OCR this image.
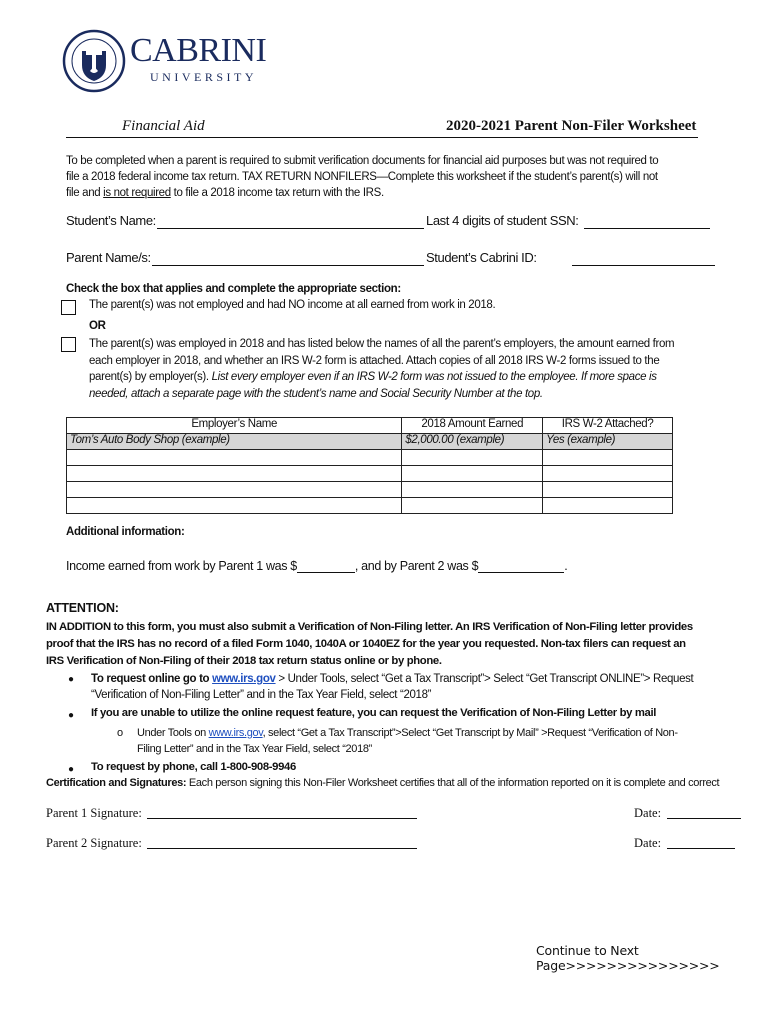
CABRINI
UNIVERSITY
Financial Aid	2020-2021 Parent Non-Filer Worksheet
To be completed when a parent is required to submit verification documents for financial aid purposes but was not required to
file a 2018 federal income tax return. TAX RETURN NONFILERS—Complete this worksheet if the student’s parent(s) will not
file and is not required to file a 2018 income tax return with the IRS.
Student’s Name:	Last 4 digits of student SSN:
Parent Name/s:	Student’s Cabrini ID:
Check the box that applies and complete the appropriate section:
The parent(s) was not employed and had NO income at all earned from work in 2018.
OR
The parent(s) was employed in 2018 and has listed below the names of all the parent’s employers, the amount earned from
each employer in 2018, and whether an IRS W-2 form is attached. Attach copies of all 2018 IRS W-2 forms issued to the
parent(s) by employer(s). List every employer even if an IRS W-2 form was not issued to the employee. If more space is
needed, attach a separate page with the student’s name and Social Security Number at the top.
Employer’s Name	2018 Amount Earned	IRS W-2 Attached?
Tom’s Auto Body Shop (example)	$2,000.00 (example)	Yes (example)

Additional information:
Income earned from work by Parent 1 was $	, and by Parent 2 was $	.
ATTENTION:
IN ADDITION to this form, you must also submit a Verification of Non-Filing letter. An IRS Verification of Non-Filing letter provides
proof that the IRS has no record of a filed Form 1040, 1040A or 1040EZ for the year you requested. Non-tax filers can request an
IRS Verification of Non-Filing of their 2018 tax return status online or by phone.
● To request online go to www.irs.gov > Under Tools, select “Get a Tax Transcript”> Select “Get Transcript ONLINE”> Request
“Verification of Non-Filing Letter” and in the Tax Year Field, select “2018”
● If you are unable to utilize the online request feature, you can request the Verification of Non-Filing Letter by mail
o Under Tools on www.irs.gov, select “Get a Tax Transcript”>Select “Get Transcript by Mail” >Request “Verification of Non-
Filing Letter” and in the Tax Year Field, select “2018”
● To request by phone, call 1-800-908-9946
Certification and Signatures: Each person signing this Non-Filer Worksheet certifies that all of the information reported on it is complete and correct
Parent 1 Signature:	Date:
Parent 2 Signature:	Date:
Continue to Next Page>>>>>>>>>>>>>>>
